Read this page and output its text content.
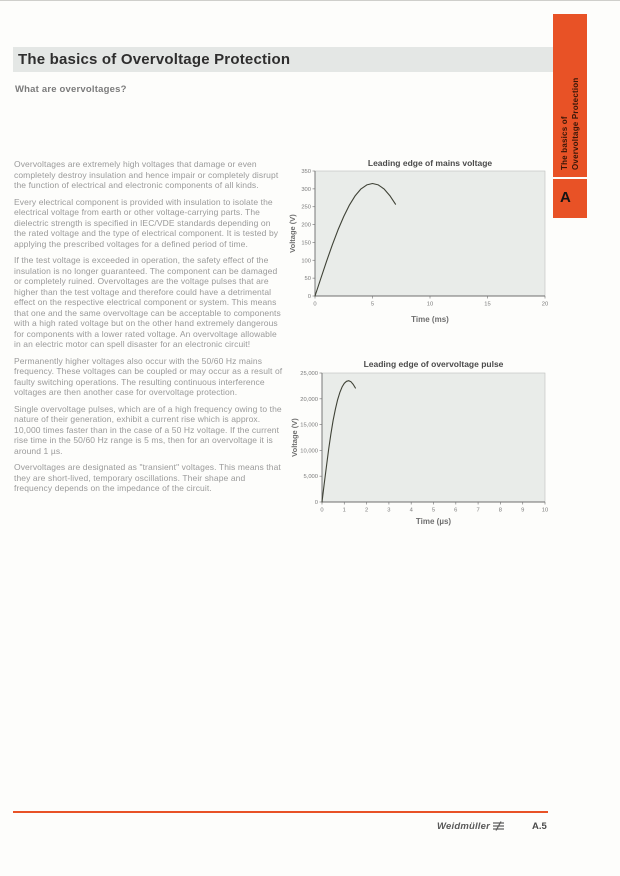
The basics of Overvoltage Protection
A
The basics of Overvoltage Protection
What are overvoltages?

Overvoltages are extremely high voltages that damage or even completely destroy insulation and hence impair or completely disrupt the function of electrical and electronic components of all kinds.

Every electrical component is provided with insulation to isolate the electrical voltage from earth or other voltage-carrying parts. The dielectric strength is specified in IEC/VDE standards depending on the rated voltage and the type of electrical component. It is tested by applying the prescribed voltages for a defined period of time.

If the test voltage is exceeded in operation, the safety effect of the insulation is no longer guaranteed. The component can be damaged or completely ruined. Overvoltages are the voltage pulses that are higher than the test voltage and therefore could have a detrimental effect on the respective electrical component or system. This means that one and the same overvoltage can be acceptable to components with a high rated voltage but on the other hand extremely dangerous for components with a lower rated voltage. An overvoltage allowable in an electric motor can spell disaster for an electronic circuit!

Permanently higher voltages also occur with the 50/60 Hz mains frequency. These voltages can be coupled or may occur as a result of faulty switching operations. The resulting continuous interference voltages are then another case for overvoltage protection.

Single overvoltage pulses, which are of a high frequency owing to the nature of their generation, exhibit a current rise which is approx. 10,000 times faster than in the case of a 50 Hz voltage. If the current rise time in the 50/60 Hz range is 5 ms, then for an overvoltage it is around 1 µs.

Overvoltages are designated as "transient" voltages. This means that they are short-lived, temporary oscillations. Their shape and frequency depends on the impedance of the circuit.

0
50
100
150
200
250
300
350
0	5	10	15	20
Leading edge of mains voltage
Time (ms)
Voltage (V)
0
5,000
10,000
15,000
20,000
25,000
0	1	2	3	4	5	6	7	8	9	10
Leading edge of overvoltage pulse
Time (µs)
Voltage (V)
Weidmüller	A.5
